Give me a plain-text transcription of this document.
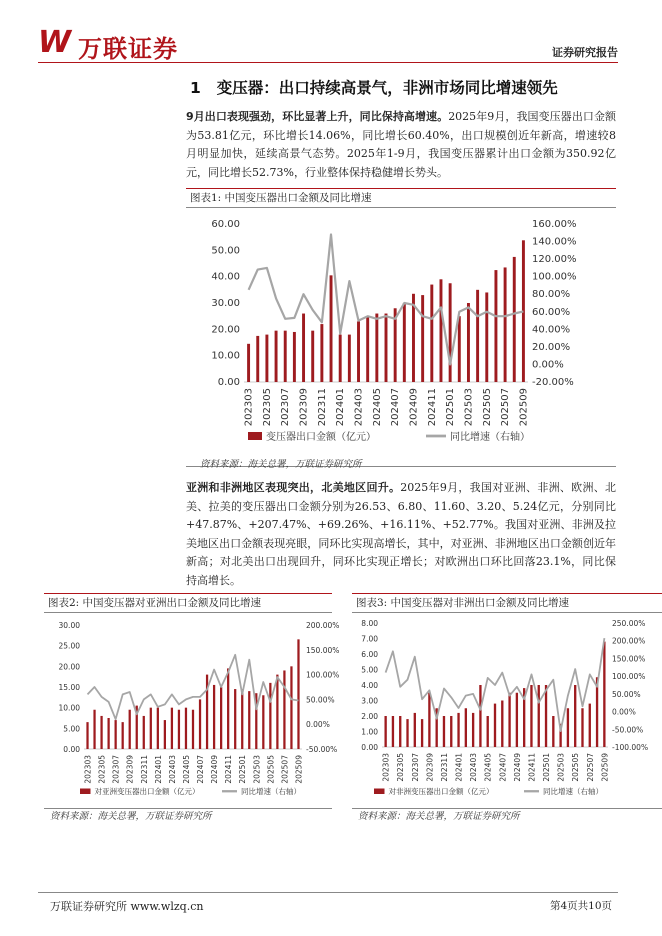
W 万联证券	证券研究报告
1 变压器：出口持续高景气，非洲市场同比增速领先
9月出口表现强劲，环比显著上升，同比保持高增速。2025年9月，我国变压器出口金额为53.81亿元，环比增长14.06%，同比增长60.40%，出口规模创近年新高，增速较8月明显加快，延续高景气态势。2025年1-9月，我国变压器累计出口金额为350.92亿元，同比增长52.73%，行业整体保持稳健增长势头。
图表1: 中国变压器出口金额及同比增速
60.00
50.00
40.00
30.00
20.00
10.00
0.00
160.00%
140.00%
120.00%
100.00%
80.00%
60.00%
40.00%
20.00%
0.00%
-20.00%
202303 202305 202307 202309 202311 202401 202403 202405 202407 202409 202411 202501 202503 202505 202507 202509
变压器出口金额（亿元）	同比增速（右轴）
资料来源：海关总署，万联证券研究所
亚洲和非洲地区表现突出，北美地区回升。2025年9月，我国对亚洲、非洲、欧洲、北美、拉美的变压器出口金额分别为26.53、6.80、11.60、3.20、5.24亿元，分别同比+47.87%、+207.47%、+69.26%、+16.11%、+52.77%。我国对亚洲、非洲及拉美地区出口金额表现亮眼，同环比实现高增长，其中，对亚洲、非洲地区出口金额创近年新高；对北美出口出现回升，同环比实现正增长；对欧洲出口环比回落23.1%，同比保持高增长。
图表2: 中国变压器对亚洲出口金额及同比增速
30.00
25.00
20.00
15.00
10.00
5.00
0.00
200.00%
150.00%
100.00%
50.00%
0.00%
-50.00%
202303 202305 202307 202309 202311 202401 202403 202405 202407 202409 202411 202501 202503 202505 202507 202509
对亚洲变压器出口金额（亿元）	同比增速（右轴）
资料来源：海关总署，万联证券研究所
图表3: 中国变压器对非洲出口金额及同比增速
8.00
7.00
6.00
5.00
4.00
3.00
2.00
1.00
0.00
250.00%
200.00%
150.00%
100.00%
50.00%
0.00%
-50.00%
-100.00%
202303 202305 202307 202309 202311 202401 202403 202405 202407 202409 202411 202501 202503 202505 202507 202509
对非洲变压器出口金额（亿元）	同比增速（右轴）
资料来源：海关总署，万联证券研究所
万联证券研究所 www.wlzq.cn	第4页共10页
